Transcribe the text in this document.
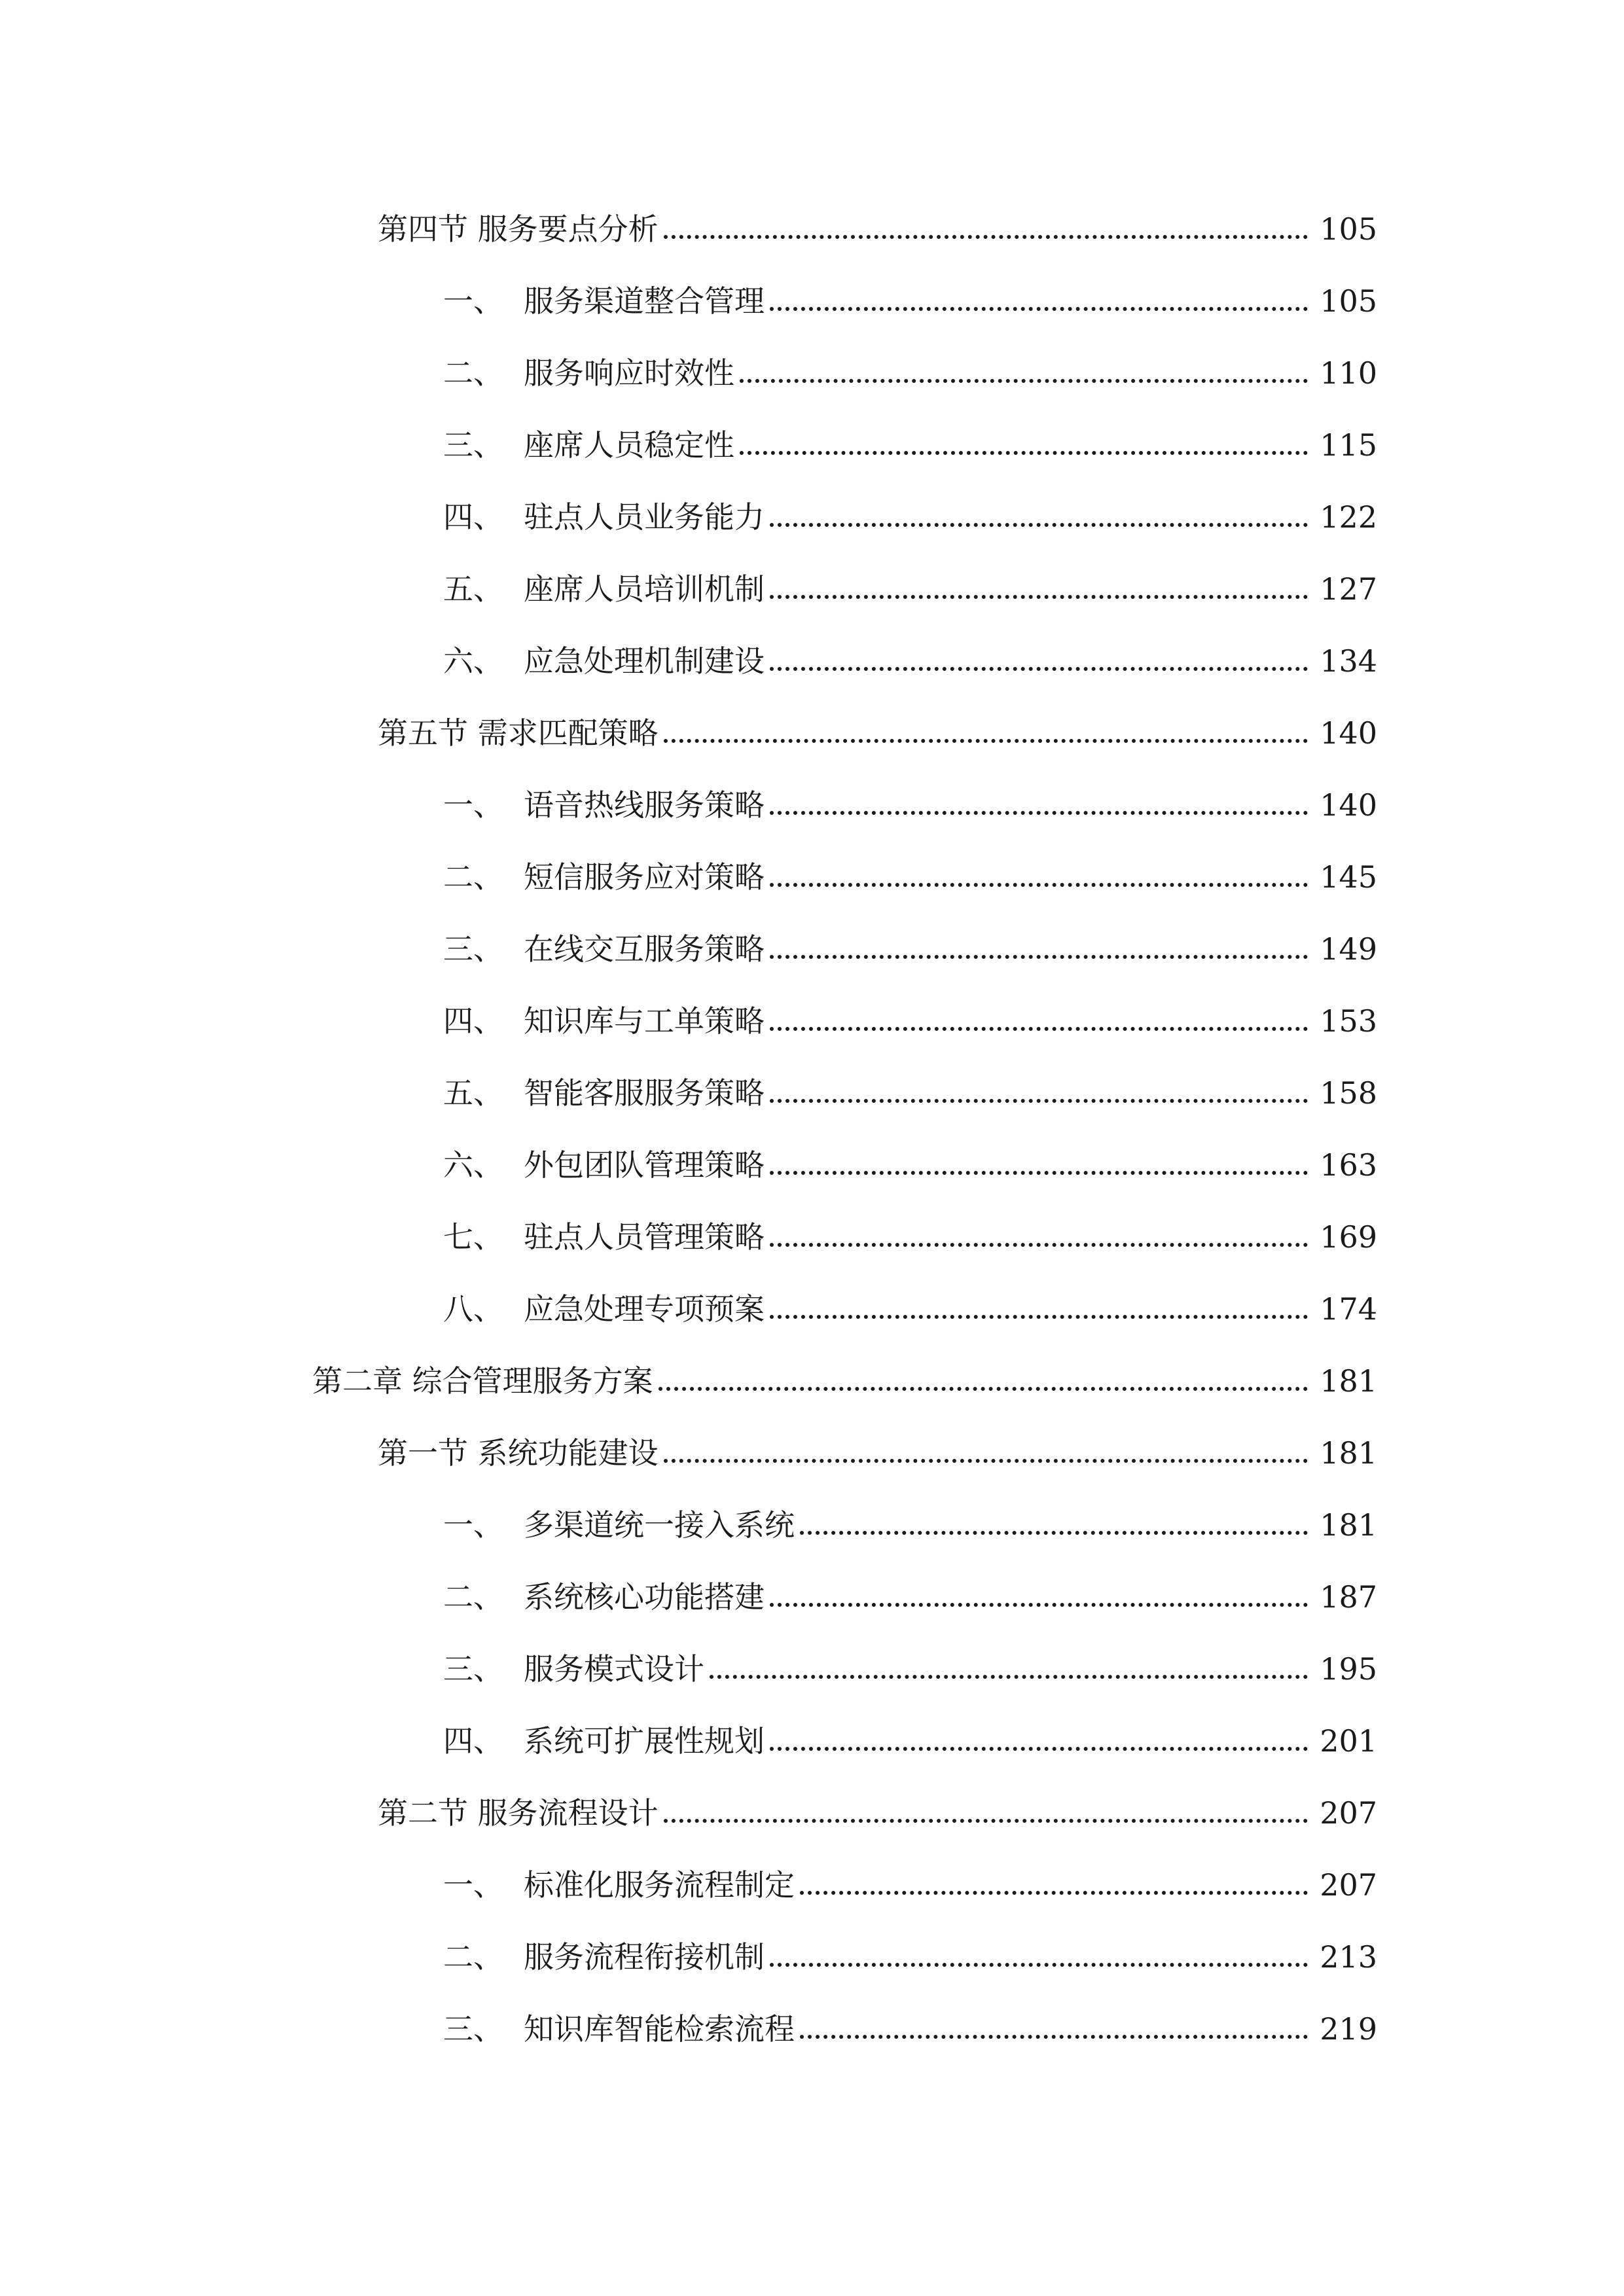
第四节 服务要点分析	105
一、 服务渠道整合管理	105
二、 服务响应时效性	110
三、 座席人员稳定性	115
四、 驻点人员业务能力	122
五、 座席人员培训机制	127
六、 应急处理机制建设	134
第五节 需求匹配策略	140
一、 语音热线服务策略	140
二、 短信服务应对策略	145
三、 在线交互服务策略	149
四、 知识库与工单策略	153
五、 智能客服服务策略	158
六、 外包团队管理策略	163
七、 驻点人员管理策略	169
八、 应急处理专项预案	174
第二章 综合管理服务方案	181
第一节 系统功能建设	181
一、 多渠道统一接入系统	181
二、 系统核心功能搭建	187
三、 服务模式设计	195
四、 系统可扩展性规划	201
第二节 服务流程设计	207
一、 标准化服务流程制定	207
二、 服务流程衔接机制	213
三、 知识库智能检索流程	219
